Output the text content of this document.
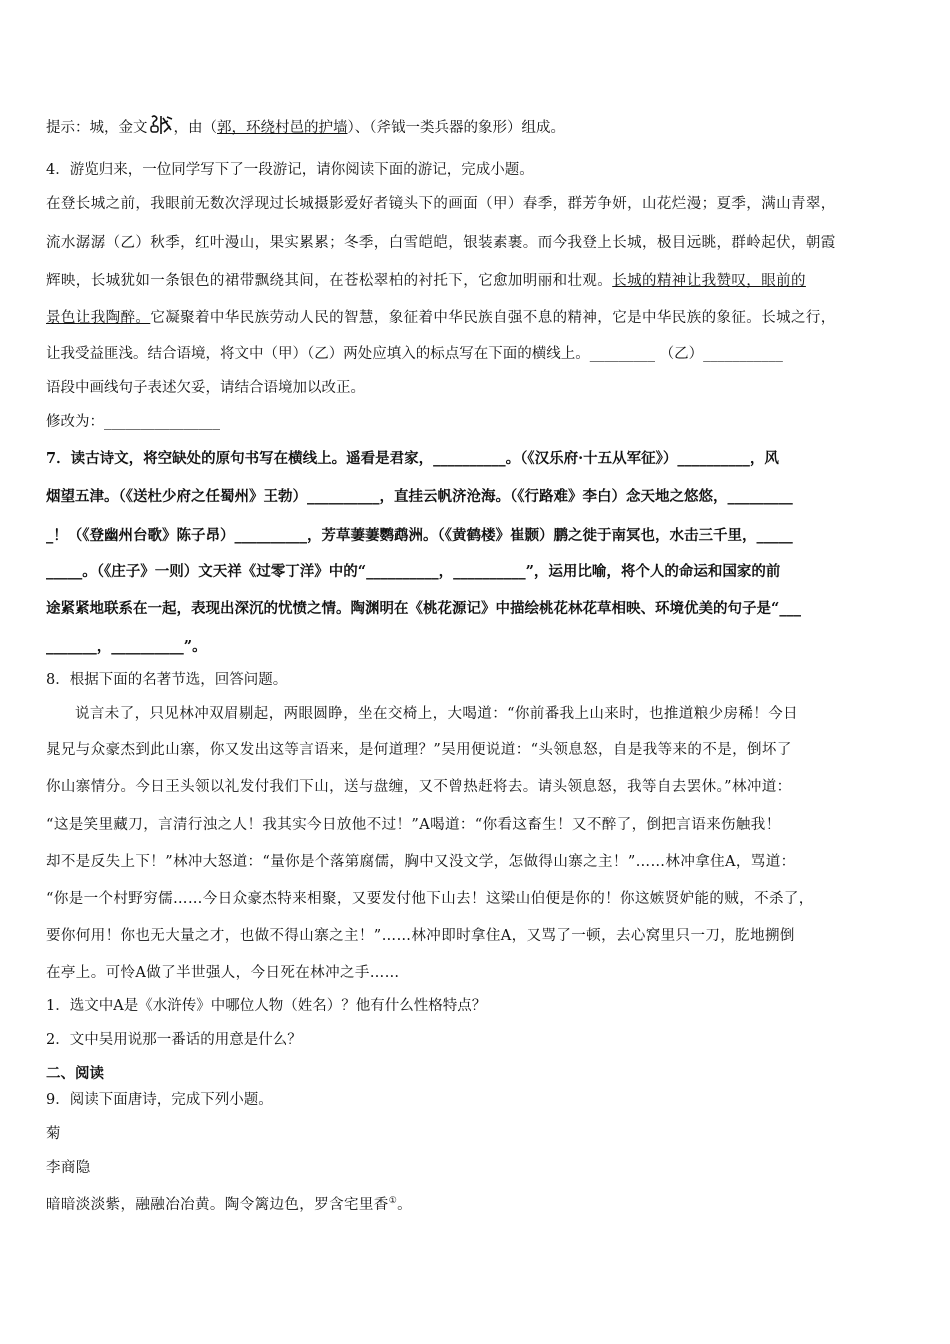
提示：城，金文 ，由（郭，环绕村邑的护墙）、（斧钺一类兵器的象形）组成。
4．游览归来，一位同学写下了一段游记，请你阅读下面的游记，完成小题。
在登长城之前，我眼前无数次浮现过长城摄影爱好者镜头下的画面（甲）春季，群芳争妍，山花烂漫；夏季，满山青翠，
流水潺潺（乙）秋季，红叶漫山，果实累累；冬季，白雪皑皑，银装素裹。而今我登上长城，极目远眺，群岭起伏，朝霞
辉映，长城犹如一条银色的裙带飘绕其间，在苍松翠柏的衬托下，它愈加明丽和壮观。长城的精神让我赞叹，眼前的
景色让我陶醉。它凝聚着中华民族劳动人民的智慧，象征着中华民族自强不息的精神，它是中华民族的象征。长城之行，
让我受益匪浅。结合语境，将文中（甲）（乙）两处应填入的标点写在下面的横线上。_________ （乙）___________
语段中画线句子表述欠妥，请结合语境加以改正。
修改为：________________
7．读古诗文，将空缺处的原句书写在横线上。遥看是君家，__________。（《汉乐府·十五从军征》）__________，风
烟望五津。（《送杜少府之任蜀州》王勃）__________，直挂云帆济沧海。（《行路难》李白）念天地之悠悠，_________
_！（《登幽州台歌》陈子昂）__________，芳草萋萋鹦鹉洲。（《黄鹤楼》崔颢）鹏之徙于南冥也，水击三千里，_____
_____。（《庄子》一则）文天祥《过零丁洋》中的“__________，__________”，运用比喻，将个人的命运和国家的前
途紧紧地联系在一起，表现出深沉的忧愤之情。陶渊明在《桃花源记》中描绘桃花林花草相映、环境优美的句子是“___
_______，__________”。
8．根据下面的名著节选，回答问题。
说言未了，只见林冲双眉剔起，两眼圆睁，坐在交椅上，大喝道：“你前番我上山来时，也推道粮少房稀！今日
晁兄与众豪杰到此山寨，你又发出这等言语来，是何道理？”吴用便说道：“头领息怒，自是我等来的不是，倒坏了
你山寨情分。今日王头领以礼发付我们下山，送与盘缠，又不曾热赶将去。请头领息怒，我等自去罢休。”林冲道：
“这是笑里藏刀，言清行浊之人！我其实今日放他不过！”A喝道：“你看这畜生！又不醉了，倒把言语来伤触我！
却不是反失上下！”林冲大怒道：“量你是个落第腐儒，胸中又没文学，怎做得山寨之主！”……林冲拿住A，骂道：
“你是一个村野穷儒……今日众豪杰特来相聚，又要发付他下山去！这梁山伯便是你的！你这嫉贤妒能的贼，不杀了，
要你何用！你也无大量之才，也做不得山寨之主！”……林冲即时拿住A，又骂了一顿，去心窝里只一刀，肐地搠倒
在亭上。可怜A做了半世强人，今日死在林冲之手……
1．选文中A是《水浒传》中哪位人物（姓名）？他有什么性格特点？
2．文中吴用说那一番话的用意是什么？
二、阅读
9．阅读下面唐诗，完成下列小题。
菊
李商隐
暗暗淡淡紫，融融冶冶黄。陶令篱边色，罗含宅里香①。
